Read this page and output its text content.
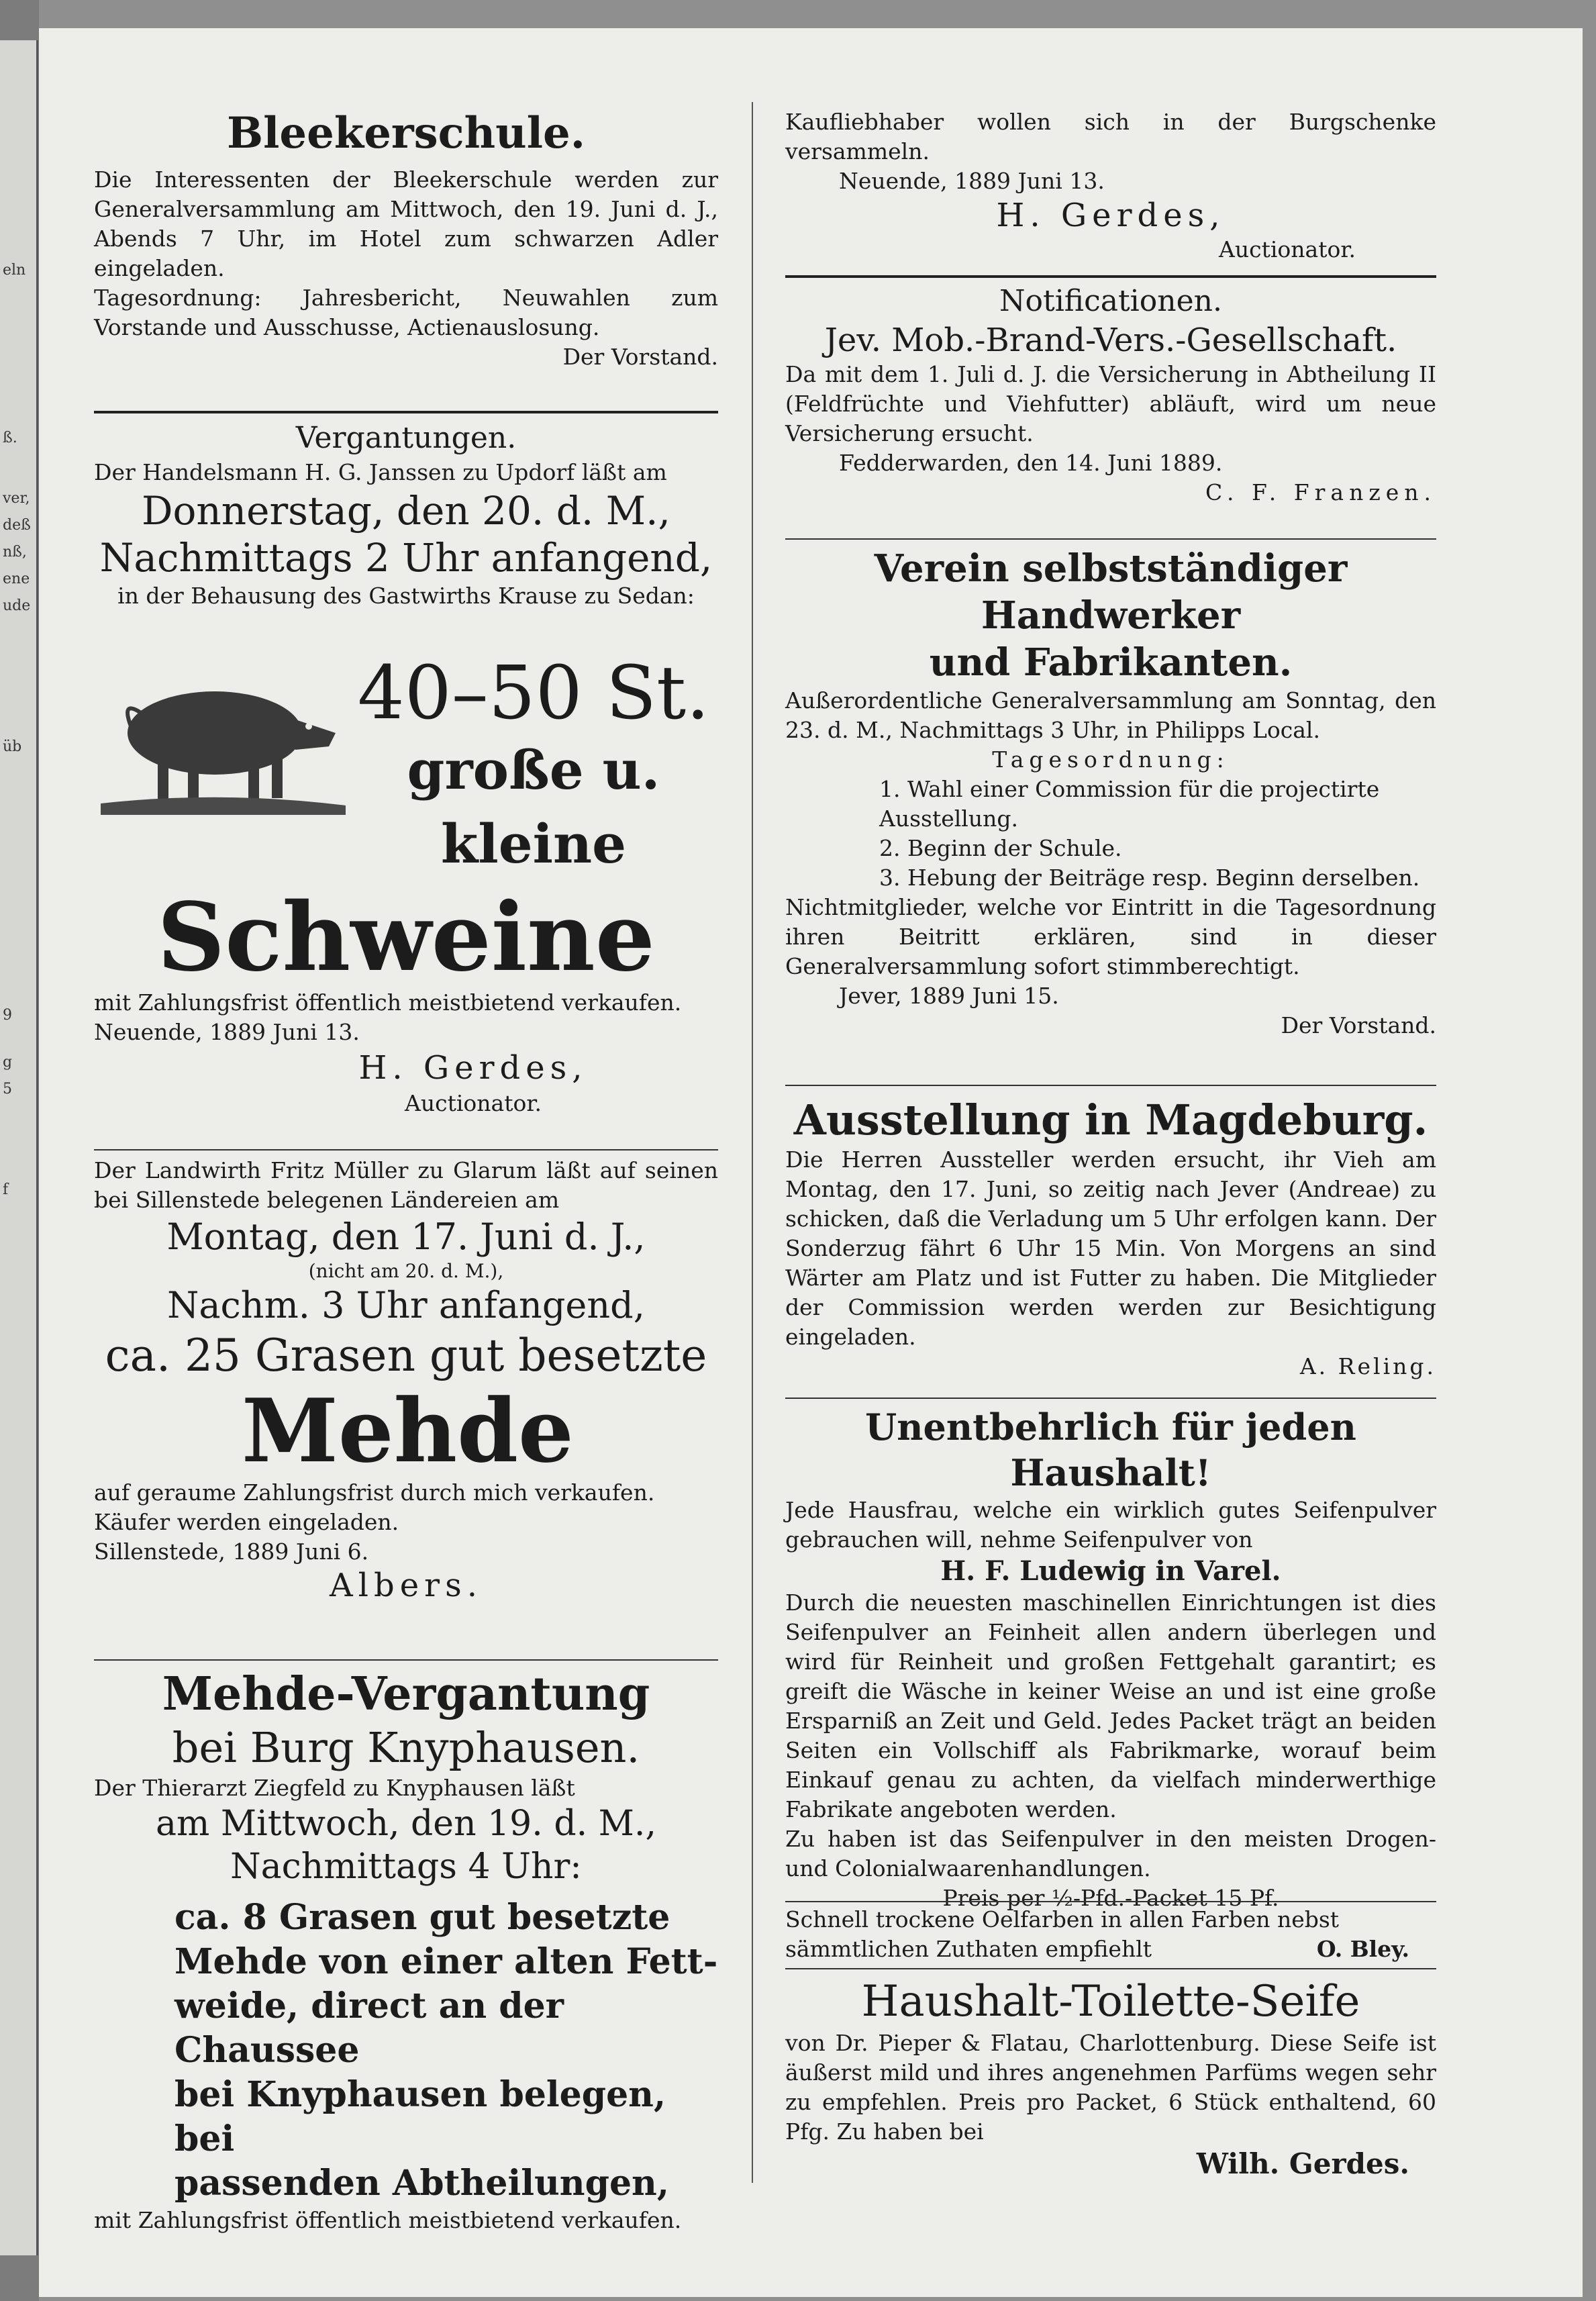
eln
ß.
ver,
deß
nß,
ene
ude
üb
9
g
5
f

Bleekerschule.

Die Interessenten der Bleekerschule werden zur Generalversammlung am Mittwoch, den 19. Juni d. J., Abends 7 Uhr, im Hotel zum schwarzen Adler eingeladen.

Tagesordnung: Jahresbericht, Neuwahlen zum Vorstande und Ausschusse, Actienauslosung.

Der Vorstand.

Vergantungen.

Der Handelsmann H. G. Janssen zu Updorf läßt am

Donnerstag, den 20. d. M.,

Nachmittags 2 Uhr anfangend,

in der Behausung des Gastwirths Krause zu Sedan:

40–50 St.

große u. kleine

Schweine

mit Zahlungsfrist öffentlich meistbietend verkaufen.

Neuende, 1889 Juni 13.

H. Gerdes,

Auctionator.

Der Landwirth Fritz Müller zu Glarum läßt auf seinen bei Sillenstede belegenen Ländereien am

Montag, den 17. Juni d. J.,

(nicht am 20. d. M.),

Nachm. 3 Uhr anfangend,

ca. 25 Grasen gut besetzte

Mehde

auf geraume Zahlungsfrist durch mich verkaufen.

Käufer werden eingeladen.

Sillenstede, 1889 Juni 6.

Albers.

Mehde-Vergantung

bei Burg Knyphausen.

Der Thierarzt Ziegfeld zu Knyphausen läßt

am Mittwoch, den 19. d. M.,

Nachmittags 4 Uhr:

ca. 8 Grasen gut besetzte

Mehde von einer alten Fett-

weide, direct an der Chaussee

bei Knyphausen belegen, bei

passenden Abtheilungen,

mit Zahlungsfrist öffentlich meistbietend verkaufen.

Kaufliebhaber wollen sich in der Burgschenke versammeln.

Neuende, 1889 Juni 13.

H. Gerdes,

Auctionator.

Notificationen.

Jev. Mob.-Brand-Vers.-Gesellschaft.

Da mit dem 1. Juli d. J. die Versicherung in Abtheilung II (Feldfrüchte und Viehfutter) abläuft, wird um neue Versicherung ersucht.

Fedderwarden, den 14. Juni 1889.

C. F. Franzen.

Verein selbstständiger Handwerker

und Fabrikanten.

Außerordentliche Generalversammlung am Sonntag, den 23. d. M., Nachmittags 3 Uhr, in Philipps Local.

Tagesordnung:

1. Wahl einer Commission für die projectirte Ausstellung.

2. Beginn der Schule.

3. Hebung der Beiträge resp. Beginn derselben.

Nichtmitglieder, welche vor Eintritt in die Tagesordnung ihren Beitritt erklären, sind in dieser Generalversammlung sofort stimmberechtigt.

Jever, 1889 Juni 15.

Der Vorstand.

Ausstellung in Magdeburg.

Die Herren Aussteller werden ersucht, ihr Vieh am Montag, den 17. Juni, so zeitig nach Jever (Andreae) zu schicken, daß die Verladung um 5 Uhr erfolgen kann. Der Sonderzug fährt 6 Uhr 15 Min. Von Morgens an sind Wärter am Platz und ist Futter zu haben. Die Mitglieder der Commission werden werden zur Besichtigung eingeladen.

A. Reling.

Unentbehrlich für jeden Haushalt!

Jede Hausfrau, welche ein wirklich gutes Seifenpulver gebrauchen will, nehme Seifenpulver von

H. F. Ludewig in Varel.

Durch die neuesten maschinellen Einrichtungen ist dies Seifenpulver an Feinheit allen andern überlegen und wird für Reinheit und großen Fettgehalt garantirt; es greift die Wäsche in keiner Weise an und ist eine große Ersparniß an Zeit und Geld. Jedes Packet trägt an beiden Seiten ein Vollschiff als Fabrikmarke, worauf beim Einkauf genau zu achten, da vielfach minderwerthige Fabrikate angeboten werden.

Zu haben ist das Seifenpulver in den meisten Drogen- und Colonialwaarenhandlungen.

Preis per ½-Pfd.-Packet 15 Pf.

Schnell trockene Oelfarben in allen Farben nebst

sämmtlichen Zuthaten empfiehlt	O. Bley.

Haushalt-Toilette-Seife

von Dr. Pieper & Flatau, Charlottenburg. Diese Seife ist äußerst mild und ihres angenehmen Parfüms wegen sehr zu empfehlen. Preis pro Packet, 6 Stück enthaltend, 60 Pfg. Zu haben bei

Wilh. Gerdes.
